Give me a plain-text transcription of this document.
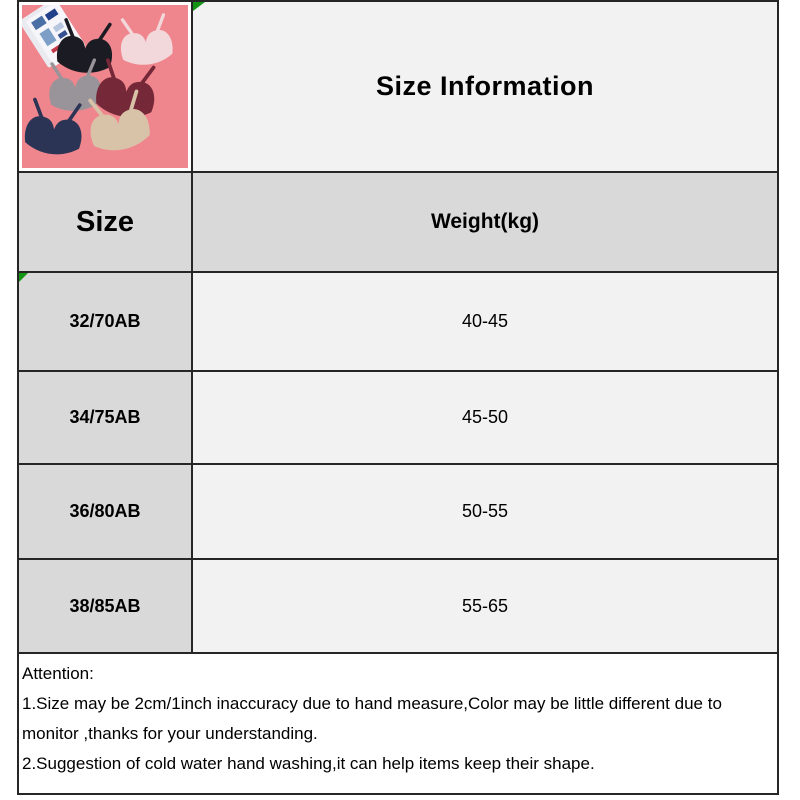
Size Information
Size	Weight(kg)
32/70AB	40-45
34/75AB	45-50
36/80AB	50-55
38/85AB	55-65
Attention:
1.Size may be 2cm/1inch inaccuracy due to hand measure,Color may be little different due to monitor ,thanks for your understanding.
2.Suggestion of cold water hand washing,it can help items keep their shape.
